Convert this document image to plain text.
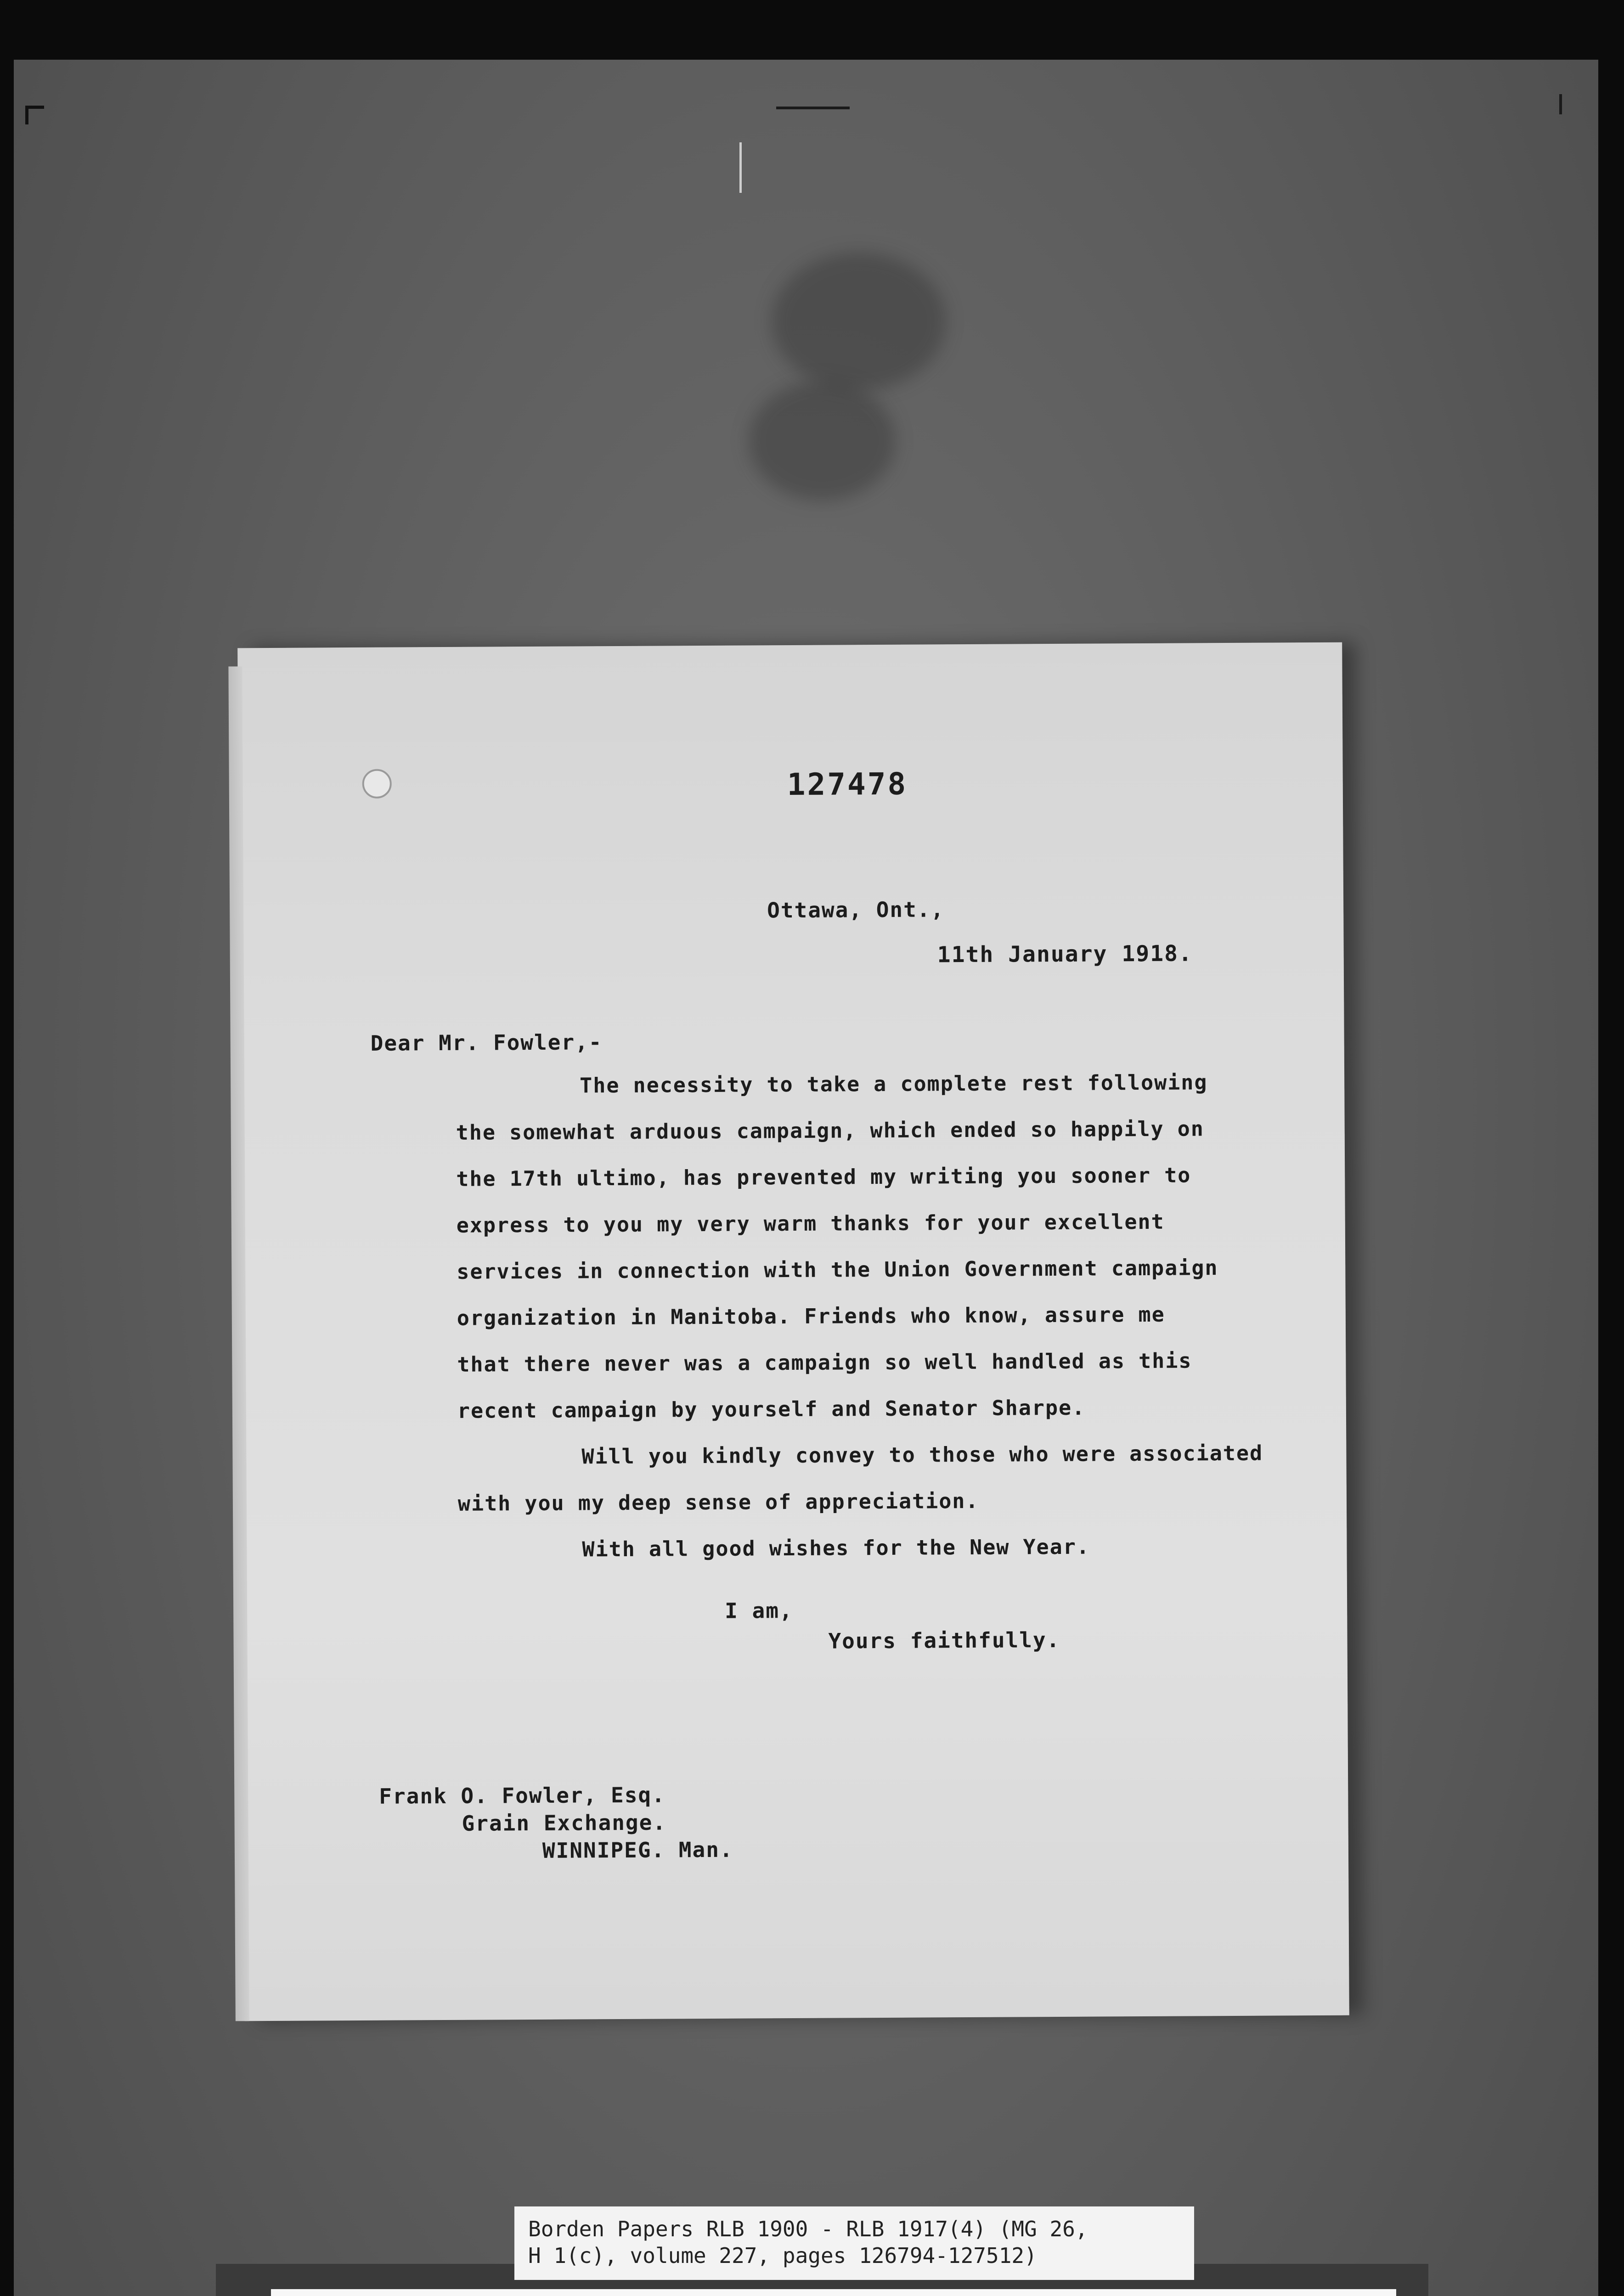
127478
Ottawa, Ont.,
11th January 1918.
Dear Mr. Fowler,-
The necessity to take a complete rest following
the somewhat arduous campaign, which ended so happily on
the 17th ultimo, has prevented my writing you sooner to
express to you my very warm thanks for your excellent
services in connection with the Union Government campaign
organization in Manitoba. Friends who know, assure me
that there never was a campaign so well handled as this
recent campaign by yourself and Senator Sharpe.
Will you kindly convey to those who were associated
with you my deep sense of appreciation.
With all good wishes for the New Year.
I am,
Yours faithfully.
Frank O. Fowler, Esq.
Grain Exchange.
WINNIPEG. Man.
Borden Papers RLB 1900 - RLB 1917(4) (MG 26,
H 1(c), volume 227, pages 126794-127512)
